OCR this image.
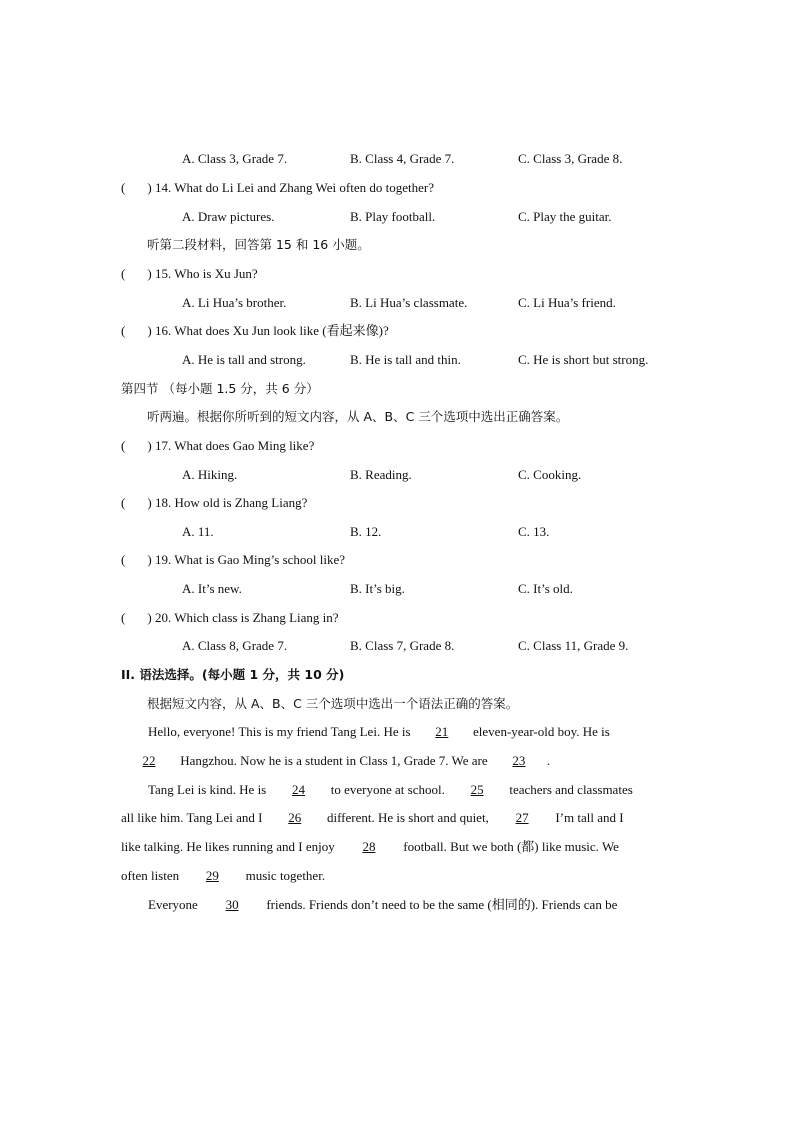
A. Class 3, Grade 7.	B. Class 4, Grade 7.	C. Class 3, Grade 8.
( ) 14. What do Li Lei and Zhang Wei often do together?
A. Draw pictures.	B. Play football.	C. Play the guitar.
听第二段材料，回答第 15 和 16 小题。
( ) 15. Who is Xu Jun?
A. Li Hua’s brother.	B. Li Hua’s classmate.	C. Li Hua’s friend.
( ) 16. What does Xu Jun look like (看起来像)?
A. He is tall and strong.	B. He is tall and thin.	C. He is short but strong.
第四节 （每小题 1.5 分，共 6 分）
听两遍。根据你所听到的短文内容，从 A、B、C 三个选项中选出正确答案。
( ) 17. What does Gao Ming like?
A. Hiking.	B. Reading.	C. Cooking.
( ) 18. How old is Zhang Liang?
A. 11.	B. 12.	C. 13.
( ) 19. What is Gao Ming’s school like?
A. It’s new.	B. It’s big.	C. It’s old.
( ) 20. Which class is Zhang Liang in?
A. Class 8, Grade 7.	B. Class 7, Grade 8.	C. Class 11, Grade 9.
II. 语法选择。(每小题 1 分，共 10 分)
根据短文内容，从 A、B、C 三个选项中选出一个语法正确的答案。
Hello, everyone! This is my friend Tang Lei. He is 21 eleven-year-old boy. He is
22 Hangzhou. Now he is a student in Class 1, Grade 7. We are 23 .
Tang Lei is kind. He is 24 to everyone at school. 25 teachers and classmates
all like him. Tang Lei and I 26 different. He is short and quiet, 27 I’m tall and I
like talking. He likes running and I enjoy 28 football. But we both (都) like music. We
often listen 29 music together.
Everyone 30 friends. Friends don’t need to be the same (相同的). Friends can be
